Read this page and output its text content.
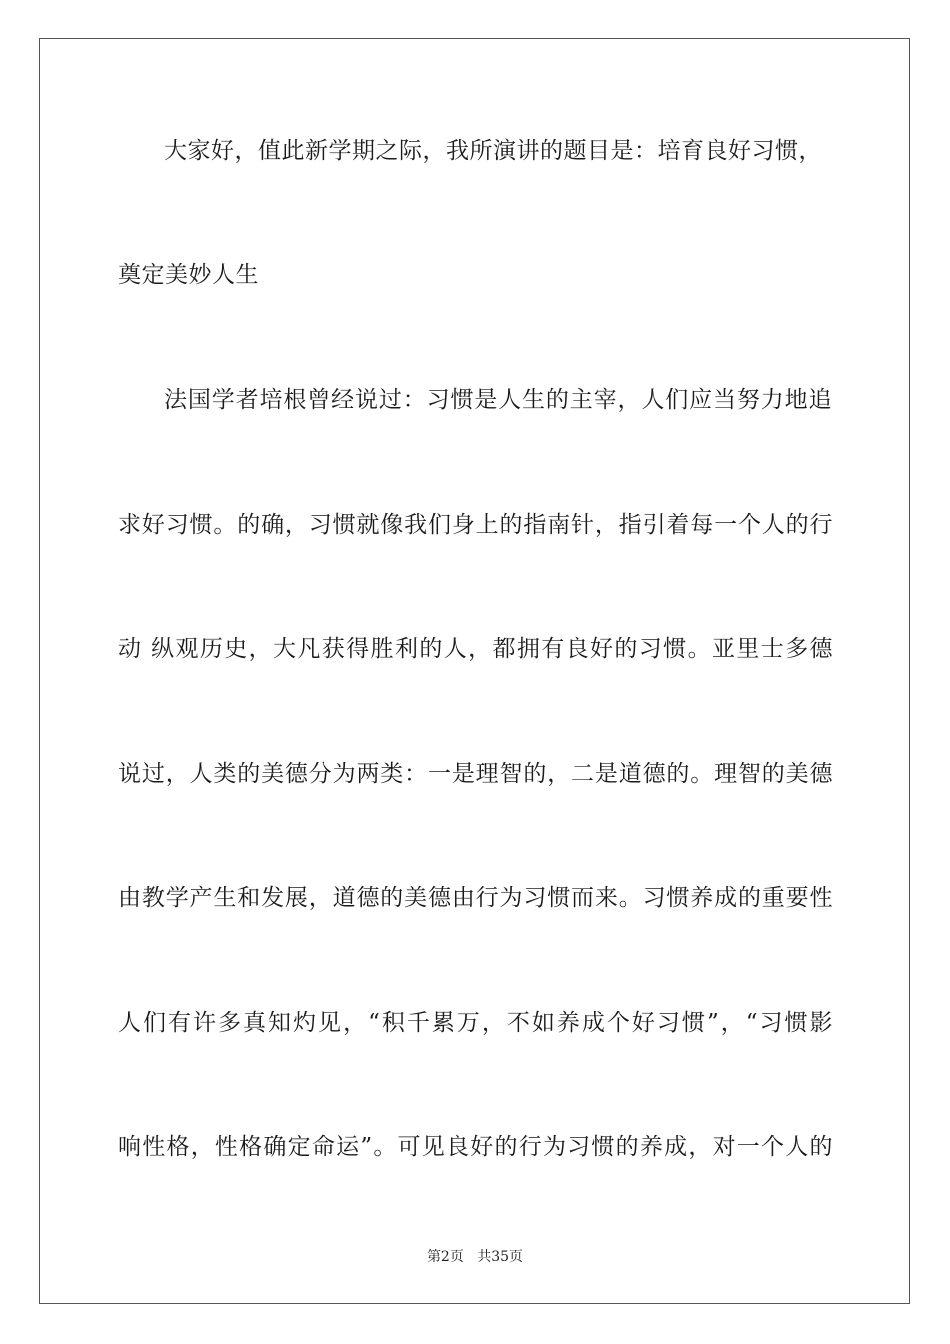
大家好，值此新学期之际，我所演讲的题目是：培育良好习惯，
奠定美妙人生
法国学者培根曾经说过：习惯是人生的主宰，人们应当努力地追
求好习惯。的确，习惯就像我们身上的指南针，指引着每一个人的行
动 纵观历史，大凡获得胜利的人，都拥有良好的习惯。亚里士多德
说过，人类的美德分为两类：一是理智的，二是道德的。理智的美德
由教学产生和发展，道德的美德由行为习惯而来。习惯养成的重要性
人们有许多真知灼见，“积千累万，不如养成个好习惯”，“习惯影
响性格，性格确定命运”。可见良好的行为习惯的养成，对一个人的
第2页 共35页
